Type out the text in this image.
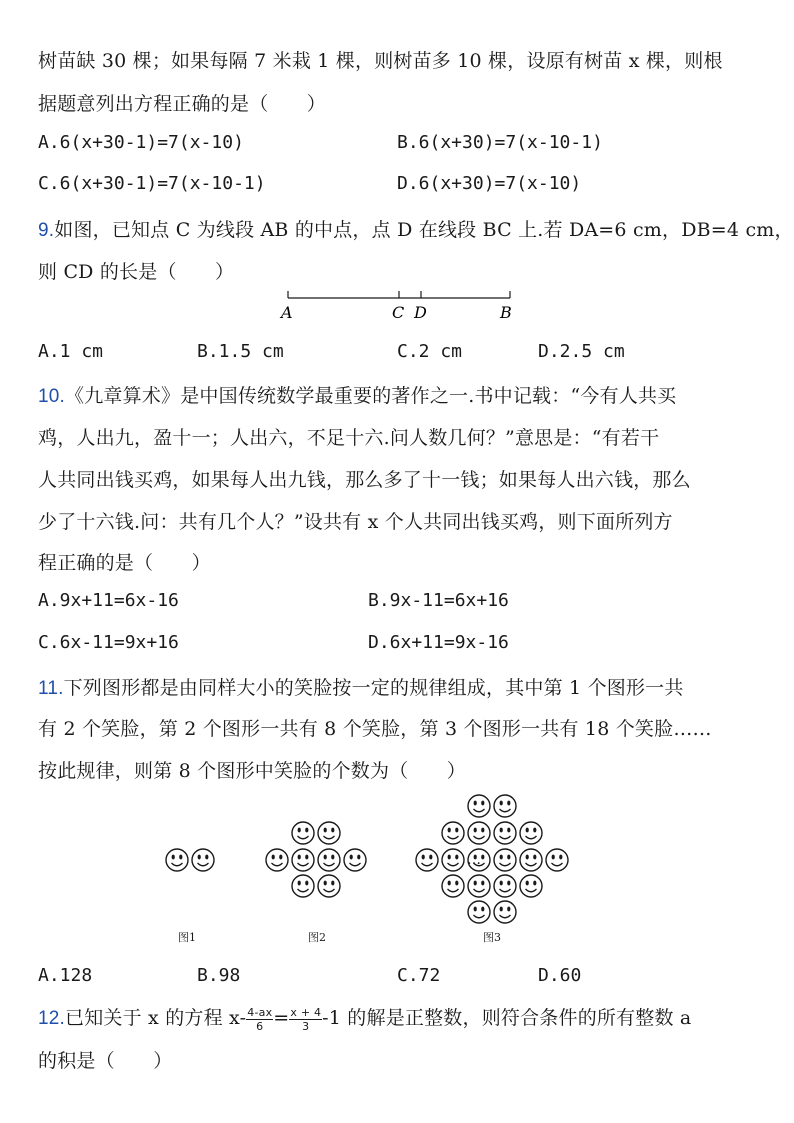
树苗缺 30 棵；如果每隔 7 米栽 1 棵，则树苗多 10 棵，设原有树苗 x 棵，则根
据题意列出方程正确的是（　　）
A.6(x+30-1)=7(x-10)	B.6(x+30)=7(x-10-1)
C.6(x+30-1)=7(x-10-1)	D.6(x+30)=7(x-10)
9.如图，已知点 C 为线段 AB 的中点，点 D 在线段 BC 上.若 DA=6 cm，DB=4 cm，
则 CD 的长是（　　）
A	C D	B
A.1 cm	B.1.5 cm	C.2 cm	D.2.5 cm
10.《九章算术》是中国传统数学最重要的著作之一.书中记载：“今有人共买
鸡，人出九，盈十一；人出六，不足十六.问人数几何？”意思是：“有若干
人共同出钱买鸡，如果每人出九钱，那么多了十一钱；如果每人出六钱，那么
少了十六钱.问：共有几个人？”设共有 x 个人共同出钱买鸡，则下面所列方
程正确的是（　　）
A.9x+11=6x-16	B.9x-11=6x+16
C.6x-11=9x+16	D.6x+11=9x-16
11.下列图形都是由同样大小的笑脸按一定的规律组成，其中第 1 个图形一共
有 2 个笑脸，第 2 个图形一共有 8 个笑脸，第 3 个图形一共有 18 个笑脸……
按此规律，则第 8 个图形中笑脸的个数为（　　）
…
图1	图2	图3
A.128	B.98	C.72	D.60
12.已知关于 x 的方程 $x- \frac{4-ax}{6} = \frac{x + 4}{3} -1$ 的解是正整数，则符合条件的所有整数 a
的积是（　　）
